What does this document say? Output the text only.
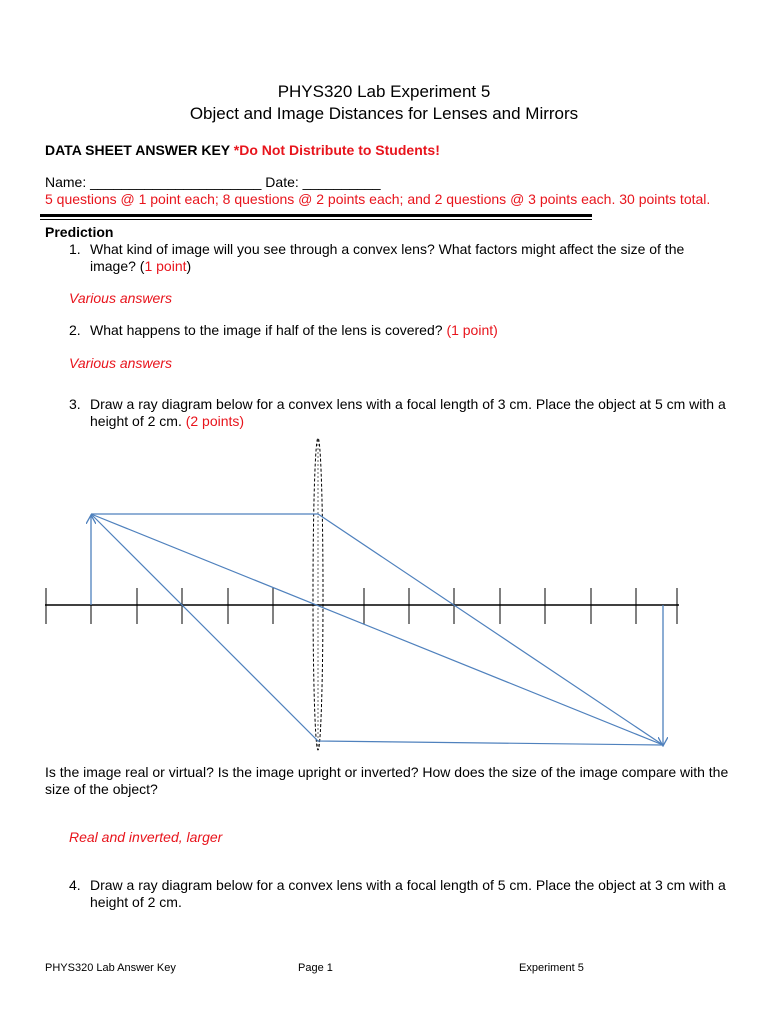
PHYS320 Lab Experiment 5
Object and Image Distances for Lenses and Mirrors
DATA SHEET ANSWER KEY *Do Not Distribute to Students!
Name: ______________________ Date: __________
5 questions @ 1 point each; 8 questions @ 2 points each; and 2 questions @ 3 points each. 30 points total.
Prediction
1. What kind of image will you see through a convex lens? What factors might affect the size of the
image? (1 point)
Various answers
2. What happens to the image if half of the lens is covered? (1 point)
Various answers
3. Draw a ray diagram below for a convex lens with a focal length of 3 cm. Place the object at 5 cm with a
height of 2 cm. (2 points)
Is the image real or virtual? Is the image upright or inverted? How does the size of the image compare with the
size of the object?
Real and inverted, larger
4. Draw a ray diagram below for a convex lens with a focal length of 5 cm. Place the object at 3 cm with a
height of 2 cm.
PHYS320 Lab Answer Key	Page 1	Experiment 5
